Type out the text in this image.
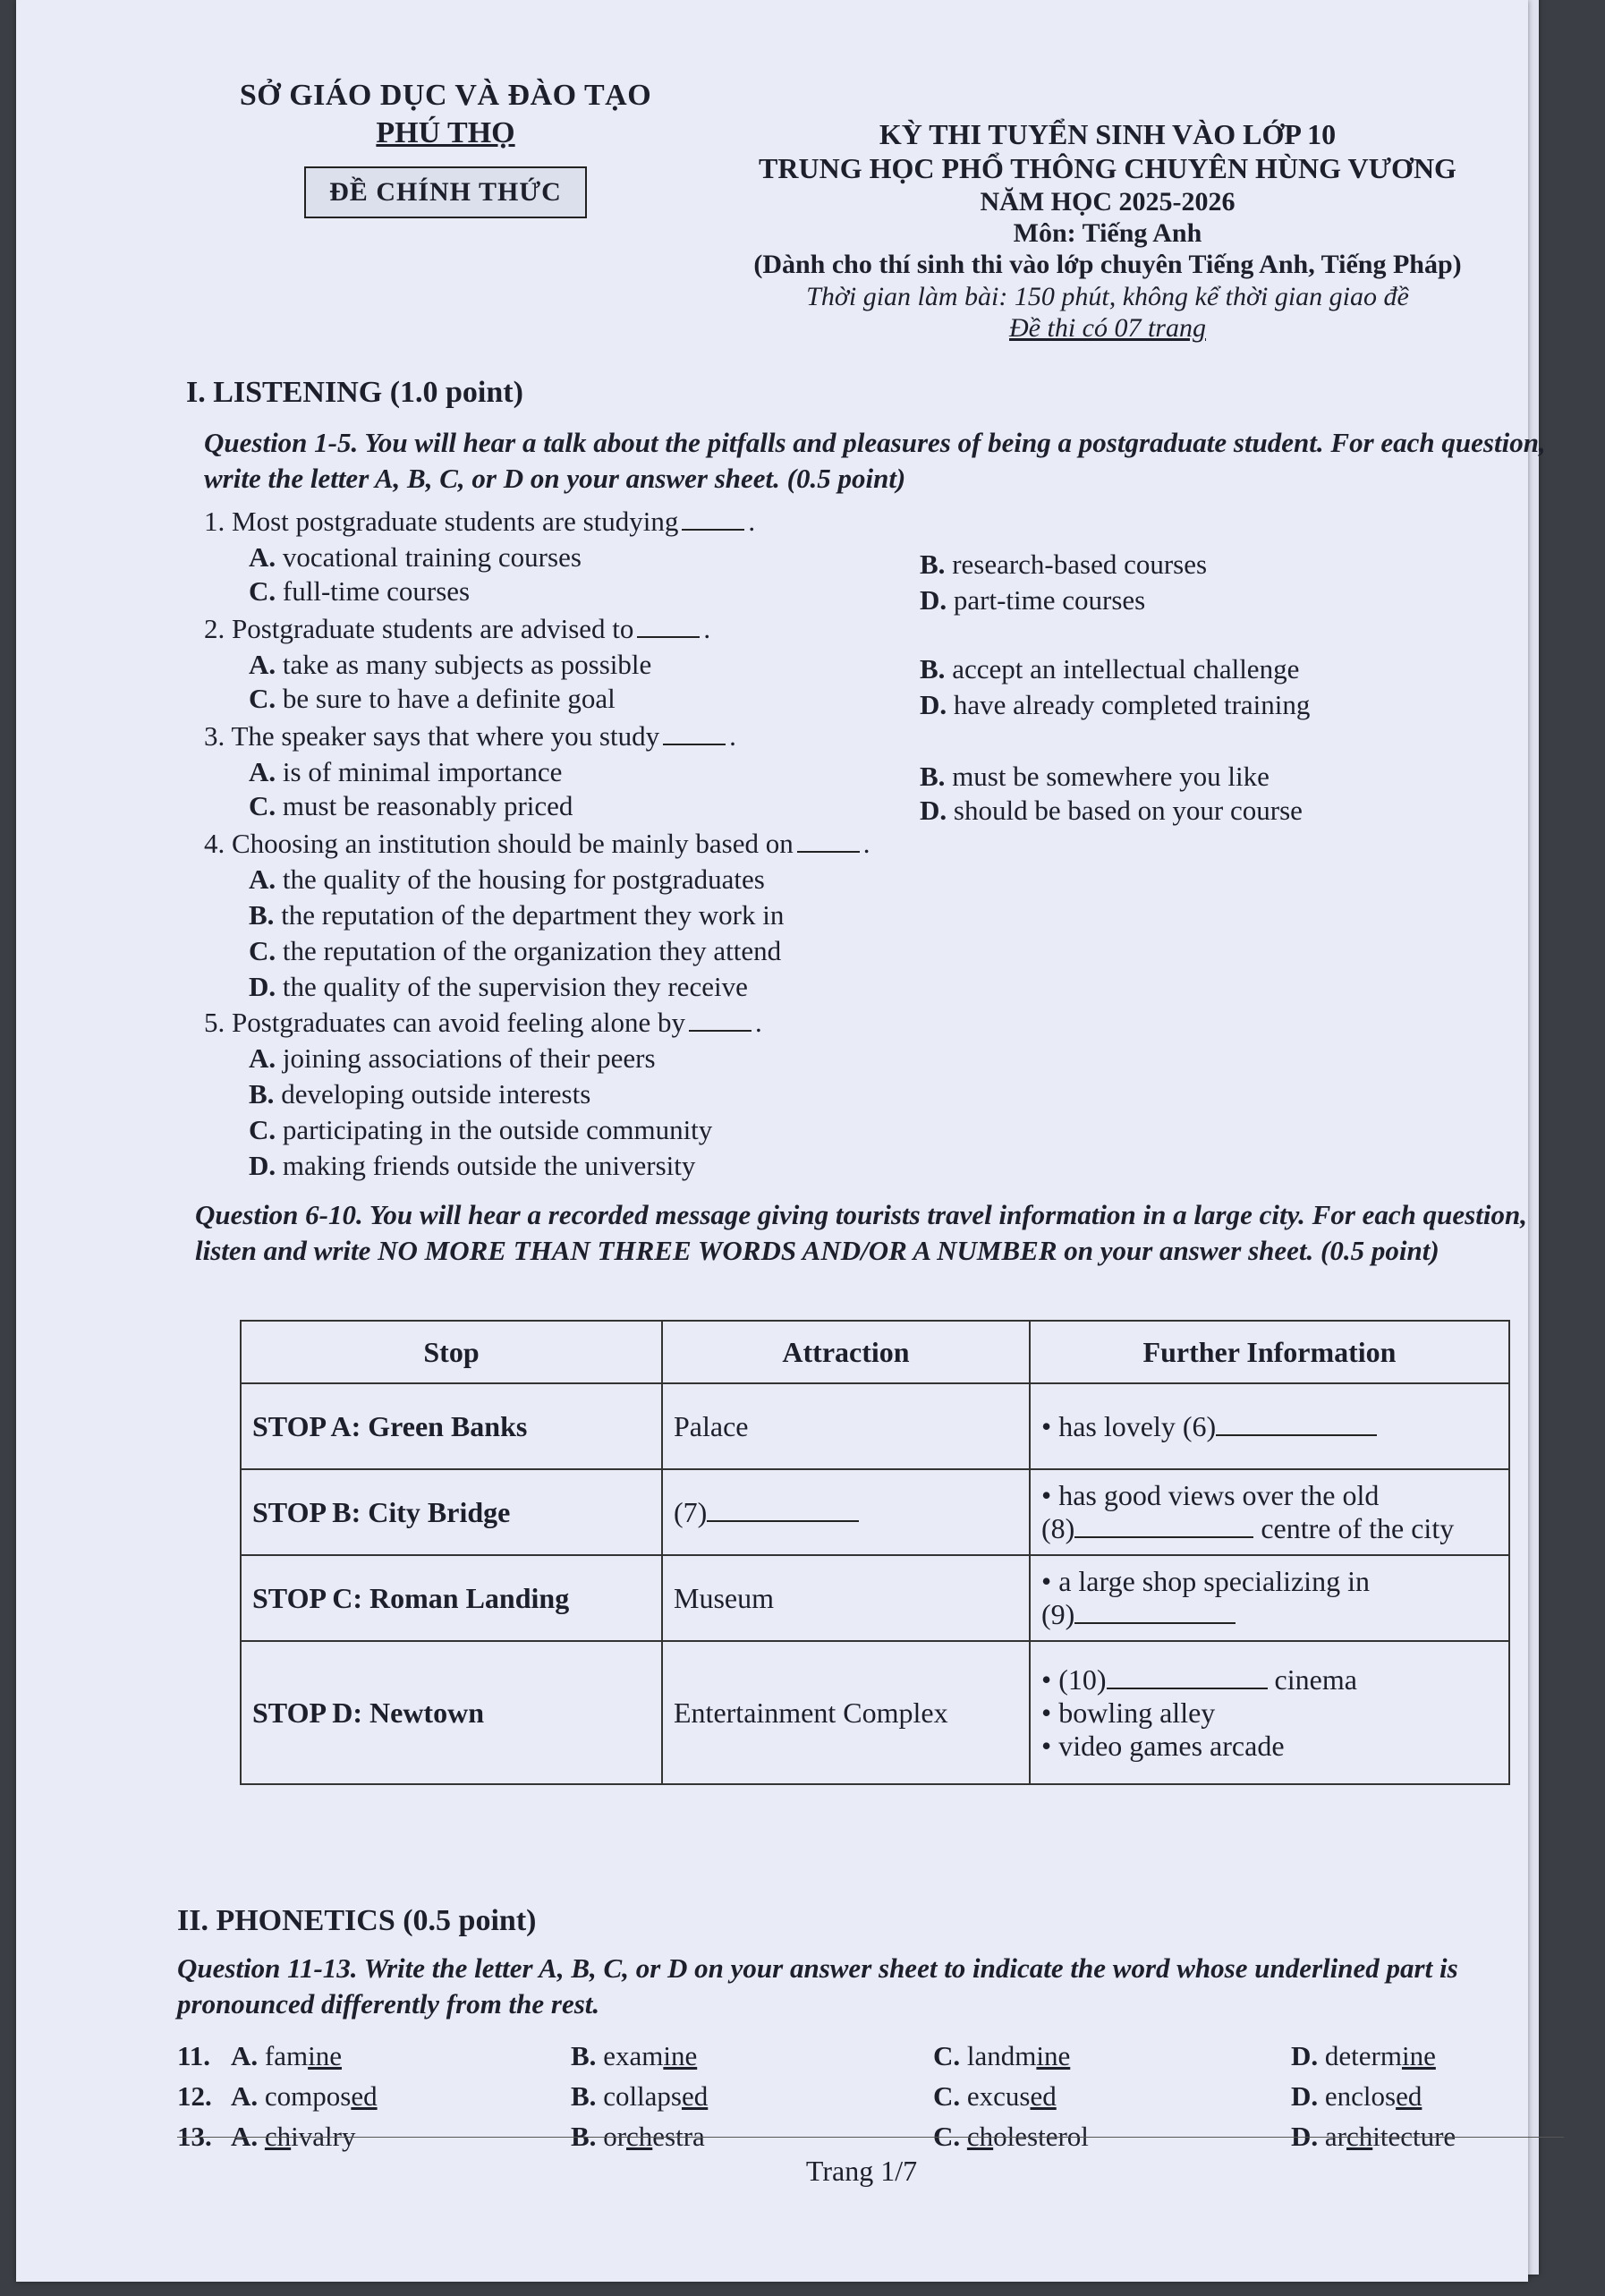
SỞ GIÁO DỤC VÀ ĐÀO TẠO
PHÚ THỌ
ĐỀ CHÍNH THỨC
KỲ THI TUYỂN SINH VÀO LỚP 10
TRUNG HỌC PHỔ THÔNG CHUYÊN HÙNG VƯƠNG
NĂM HỌC 2025-2026
Môn: Tiếng Anh
(Dành cho thí sinh thi vào lớp chuyên Tiếng Anh, Tiếng Pháp)
Thời gian làm bài: 150 phút, không kể thời gian giao đề
Đề thi có 07 trang
I. LISTENING (1.0 point)
Question 1-5. You will hear a talk about the pitfalls and pleasures of being a postgraduate student. For each question, write the letter A, B, C, or D on your answer sheet. (0.5 point)
1. Most postgraduate students are studying	.
A. vocational training courses	B. research-based courses
C. full-time courses	D. part-time courses
2. Postgraduate students are advised to	.
A. take as many subjects as possible	B. accept an intellectual challenge
C. be sure to have a definite goal	D. have already completed training
3. The speaker says that where you study	.
A. is of minimal importance	B. must be somewhere you like
C. must be reasonably priced	D. should be based on your course
4. Choosing an institution should be mainly based on	.
A. the quality of the housing for postgraduates
B. the reputation of the department they work in
C. the reputation of the organization they attend
D. the quality of the supervision they receive
5. Postgraduates can avoid feeling alone by	.
A. joining associations of their peers
B. developing outside interests
C. participating in the outside community
D. making friends outside the university
Question 6-10. You will hear a recorded message giving tourists travel information in a large city. For each question, listen and write NO MORE THAN THREE WORDS AND/OR A NUMBER on your answer sheet. (0.5 point)
Stop	Attraction	Further Information
STOP A: Green Banks	Palace	•has lovely (6)
STOP B: City Bridge	(7)	• has good views over the old
(8) centre of the city
STOP C: Roman Landing	Museum	• a large shop specializing in
(9)
STOP D: Newtown	Entertainment Complex	• (10) cinema
• bowling alley
• video games arcade
II. PHONETICS (0.5 point)
Question 11-13. Write the letter A, B, C, or D on your answer sheet to indicate the word whose underlined part is pronounced differently from the rest.
11. A. famine	B. examine	C. landmine	D. determine
12. A. composed	B. collapsed	C. excused	D. enclosed
13. A. chivalry	B. orchestra	C. cholesterol	D. architecture
Trang 1/7
